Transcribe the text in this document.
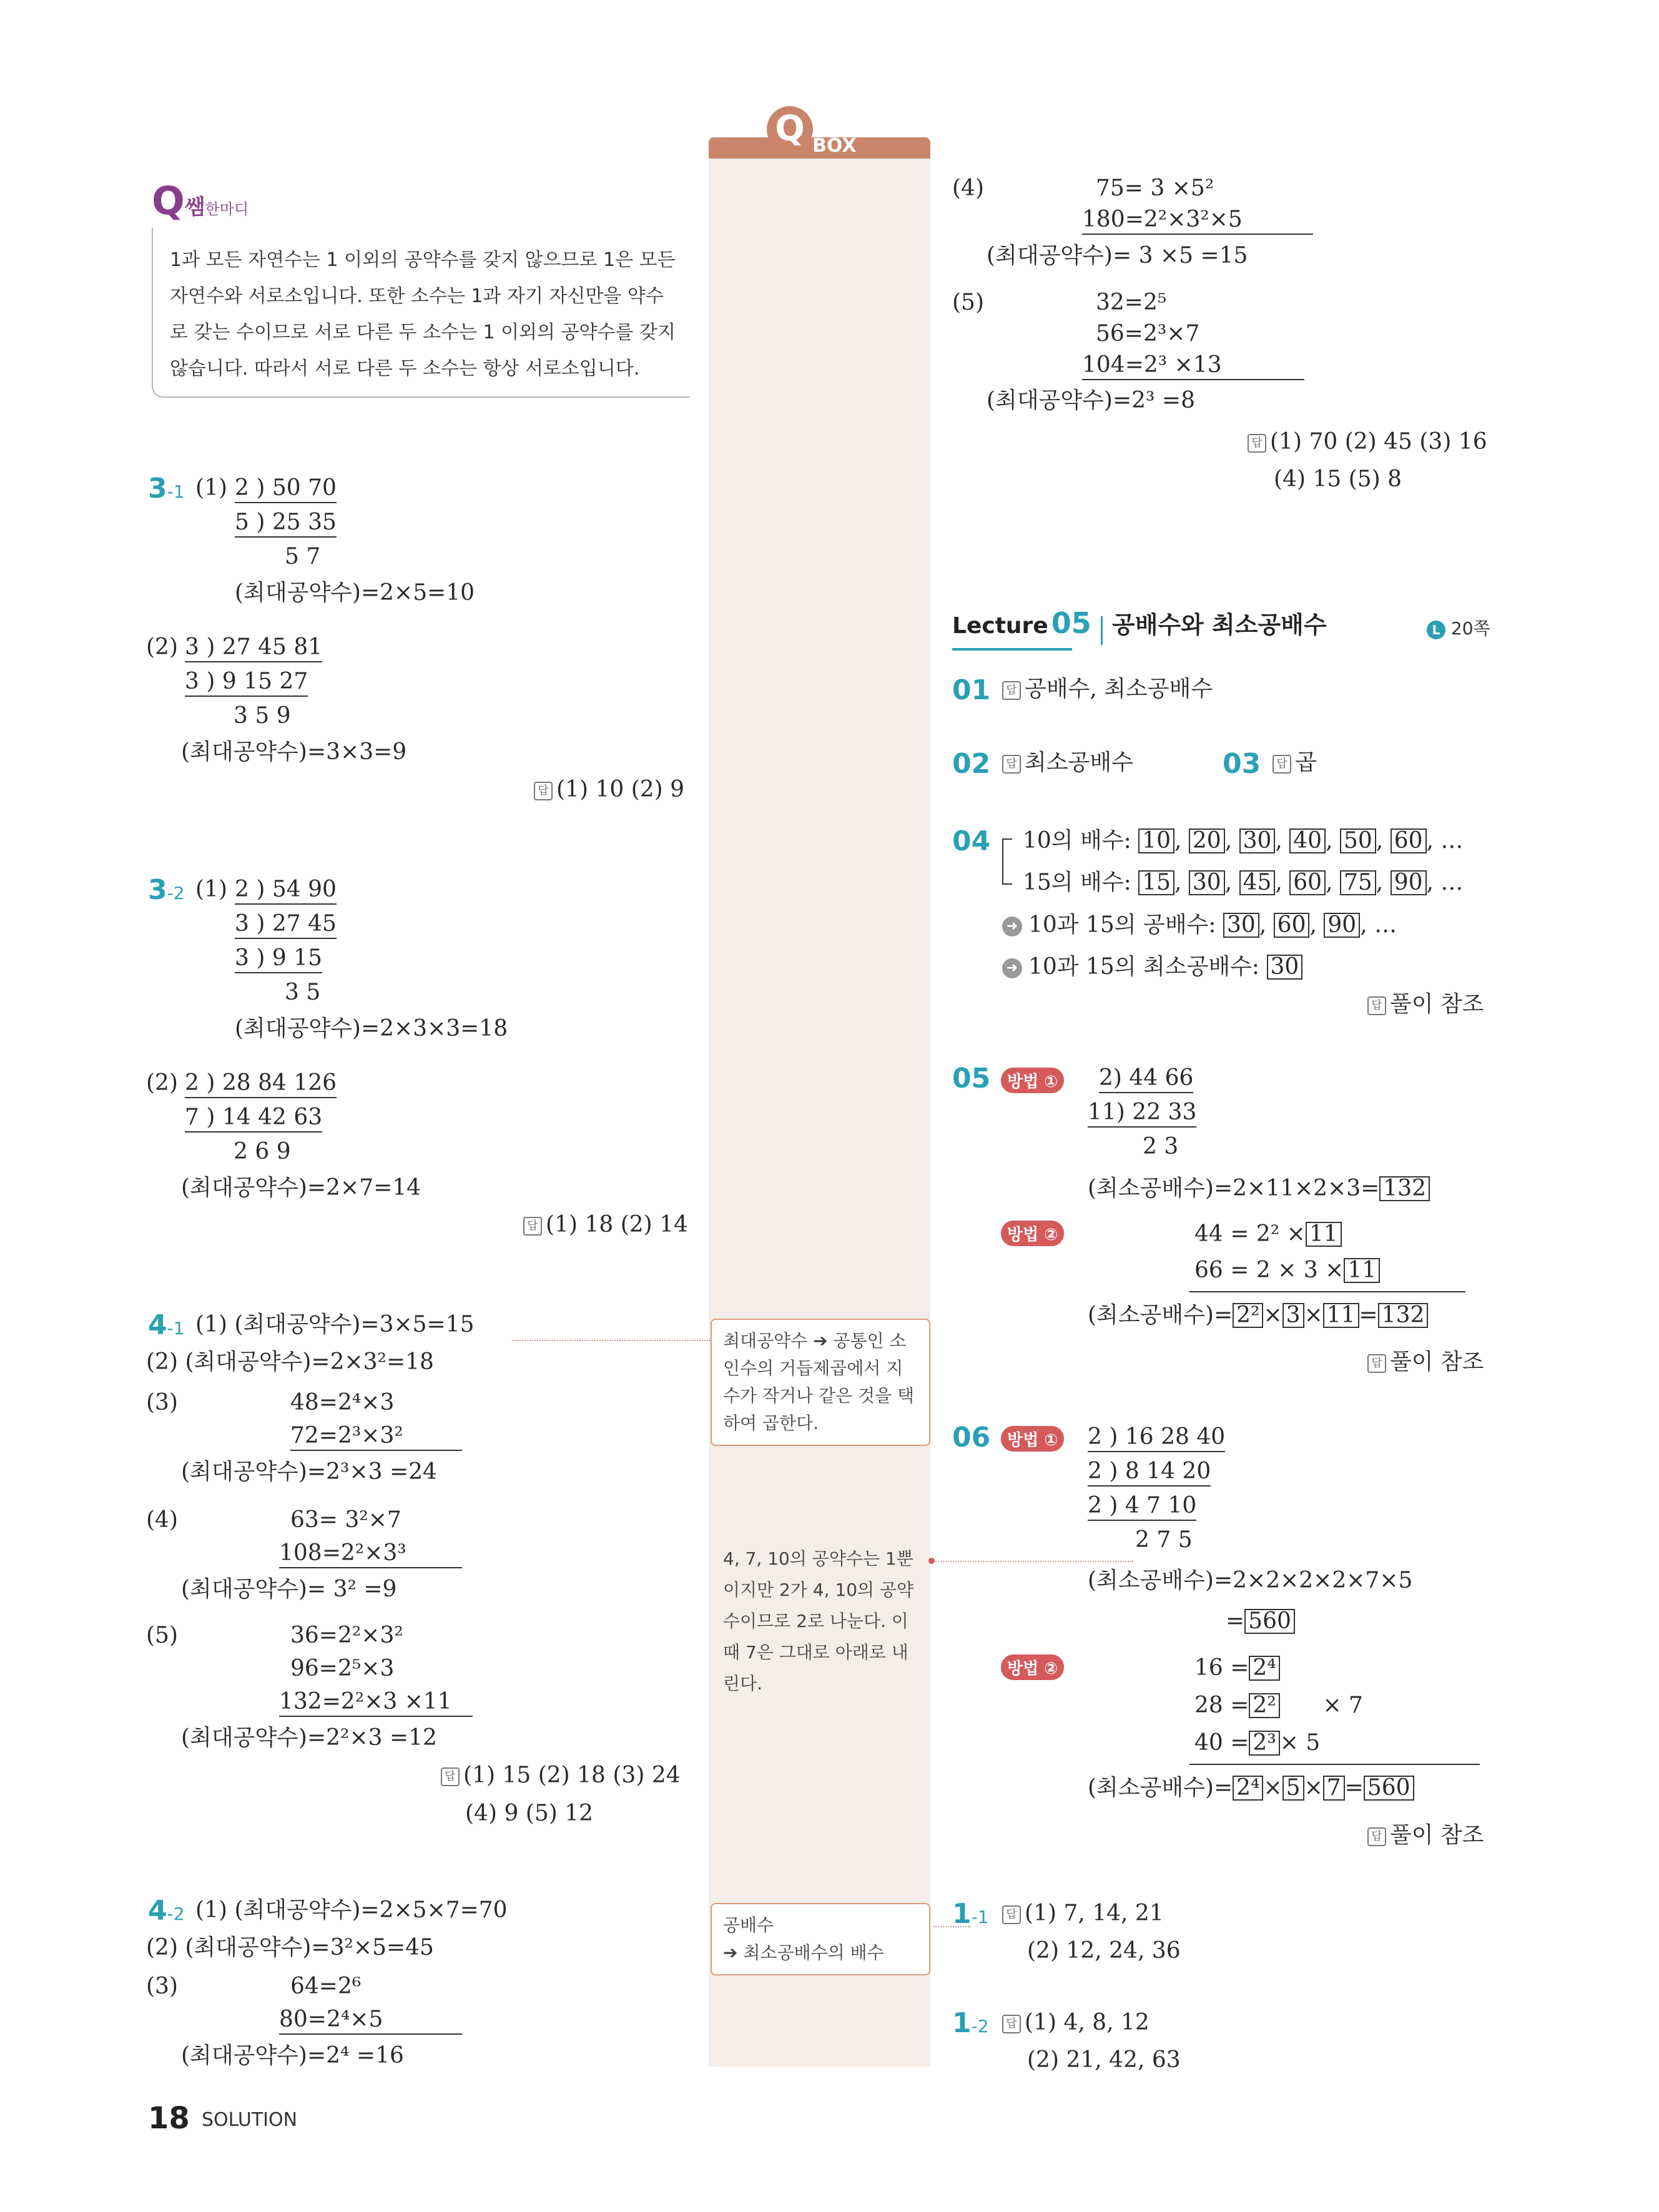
Q BOX
Q쌤한마디
1과 모든 자연수는 1 이외의 공약수를 갖지 않으므로 1은 모든
자연수와 서로소입니다. 또한 소수는 1과 자기 자신만을 약수
로 갖는 수이므로 서로 다른 두 소수는 1 이외의 공약수를 갖지
않습니다. 따라서 서로 다른 두 소수는 항상 서로소입니다.
3-1 (1) 2 ) 50 70
5 ) 25 35
5 7
(최대공약수)=2×5=10
(2) 3 ) 27 45 81
3 ) 9 15 27
3 5 9
(최대공약수)=3×3=9
답 (1) 10 (2) 9
3-2 (1) 2 ) 54 90
3 ) 27 45
3 ) 9 15
3 5
(최대공약수)=2×3×3=18
(2) 2 ) 28 84 126
7 ) 14 42 63
2 6 9
(최대공약수)=2×7=14
답 (1) 18 (2) 14
4-1 (1) (최대공약수)=3×5=15
(2) (최대공약수)=2×3²=18
(3)	48=2⁴×3
72=2³×3²
(최대공약수)=2³×3 =24
(4)	63= 3²×7
108=2²×3³
(최대공약수)= 3² =9
(5)	36=2²×3²
96=2⁵×3
132=2²×3 ×11
(최대공약수)=2²×3 =12
답 (1) 15 (2) 18 (3) 24
(4) 9 (5) 12
4-2 (1) (최대공약수)=2×5×7=70
(2) (최대공약수)=3²×5=45
(3)	64=2⁶
80=2⁴×5
(최대공약수)=2⁴ =16
18 SOLUTION
최대공약수 ➔ 공통인 소인수의 거듭제곱에서 지수가 작거나 같은 것을 택하여 곱한다.
4, 7, 10의 공약수는 1뿐이지만 2가 4, 10의 공약수이므로 2로 나눈다. 이때 7은 그대로 아래로 내린다.
공배수
➔ 최소공배수의 배수
(4)	75= 3 ×5²
180=2²×3²×5
(최대공약수)= 3 ×5 =15
(5)	32=2⁵
56=2³×7
104=2³ ×13
(최대공약수)=2³ =8
답 (1) 70 (2) 45 (3) 16
(4) 15 (5) 8
Lecture 05 공배수와 최소공배수	L 20쪽
01	답 공배수, 최소공배수
02	답 최소공배수	03	답 곱
04 10의 배수: 10 , 20 , 30 , 40 , 50 , 60 , …
15의 배수: 15 , 30 , 45 , 60 , 75 , 90 , …
➜ 10과 15의 공배수: 30 , 60 , 90 , …
➜ 10과 15의 최소공배수: 30
답 풀이 참조
05	방법 ① 2) 44 66
11) 22 33
2 3
(최소공배수)=2×11×2×3= 132
방법 ②	44 = 2² × 11
66 = 2 × 3 × 11
(최소공배수)= 2² × 3 × 11 = 132
답 풀이 참조
06	방법 ① 2 ) 16 28 40
2 ) 8 14 20
2 ) 4 7 10
2 7 5
(최소공배수)=2×2×2×2×7×5
= 560
방법 ②	16 = 2⁴
28 = 2² × 7
40 = 2³ × 5
(최소공배수)= 2⁴ × 5 × 7 = 560
답 풀이 참조
1-1	답 (1) 7, 14, 21
(2) 12, 24, 36
1-2	답 (1) 4, 8, 12
(2) 21, 42, 63
